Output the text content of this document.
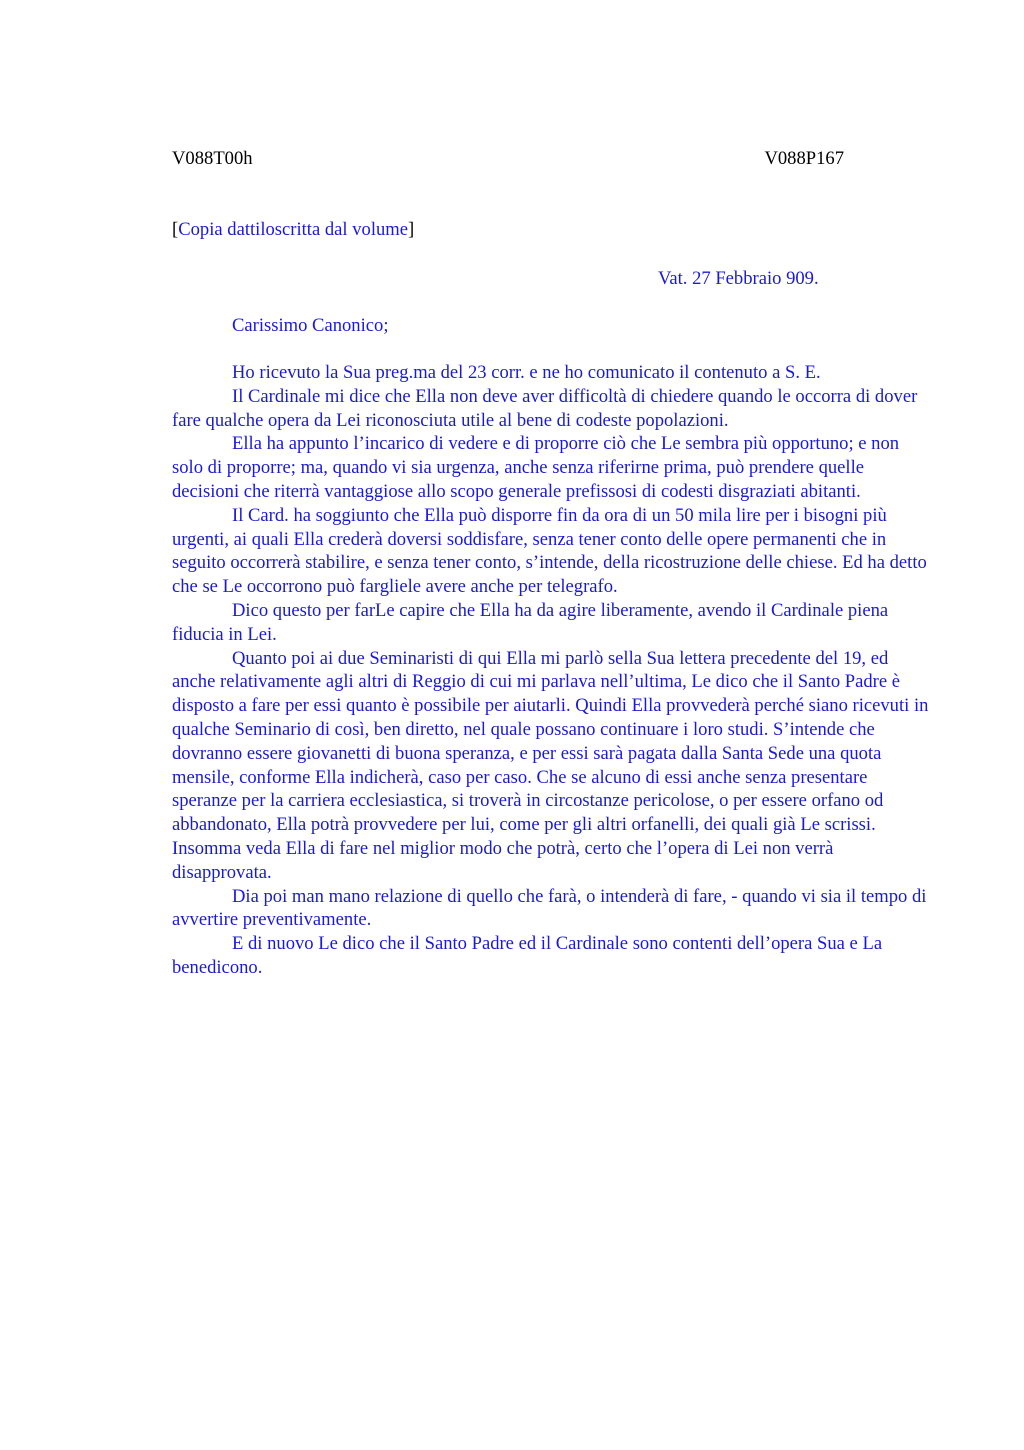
V088T00h	V088P167
[Copia dattiloscritta dal volume]
Vat. 27 Febbraio 909.
Carissimo Canonico;

Ho ricevuto la Sua preg.ma del 23 corr. e ne ho comunicato il contenuto a S. E.

Il Cardinale mi dice che Ella non deve aver difficoltà di chiedere quando le occorra di dover fare qualche opera da Lei riconosciuta utile al bene di codeste popolazioni.

Ella ha appunto l’incarico di vedere e di proporre ciò che Le sembra più opportuno; e non solo di proporre; ma, quando vi sia urgenza, anche senza riferirne prima, può prendere quelle decisioni che riterrà vantaggiose allo scopo generale prefissosi di codesti disgraziati abitanti.

Il Card. ha soggiunto che Ella può disporre fin da ora di un 50 mila lire per i bisogni più urgenti, ai quali Ella crederà doversi soddisfare, senza tener conto delle opere permanenti che in seguito occorrerà stabilire, e senza tener conto, s’intende, della ricostruzione delle chiese. Ed ha detto che se Le occorrono può fargliele avere anche per telegrafo.

Dico questo per farLe capire che Ella ha da agire liberamente, avendo il Cardinale piena fiducia in Lei.

Quanto poi ai due Seminaristi di qui Ella mi parlò sella Sua lettera precedente del 19, ed anche relativamente agli altri di Reggio di cui mi parlava nell’ultima, Le dico che il Santo Padre è disposto a fare per essi quanto è possibile per aiutarli. Quindi Ella provvederà perché siano ricevuti in qualche Seminario di così, ben diretto, nel quale possano continuare i loro studi. S’intende che dovranno essere giovanetti di buona speranza, e per essi sarà pagata dalla Santa Sede una quota mensile, conforme Ella indicherà, caso per caso. Che se alcuno di essi anche senza presentare speranze per la carriera ecclesiastica, si troverà in circostanze pericolose, o per essere orfano od abbandonato, Ella potrà provvedere per lui, come per gli altri orfanelli, dei quali già Le scrissi. Insomma veda Ella di fare nel miglior modo che potrà, certo che l’opera di Lei non verrà disapprovata.

Dia poi man mano relazione di quello che farà, o intenderà di fare, - quando vi sia il tempo di avvertire preventivamente.

E di nuovo Le dico che il Santo Padre ed il Cardinale sono contenti dell’opera Sua e La benedicono.
